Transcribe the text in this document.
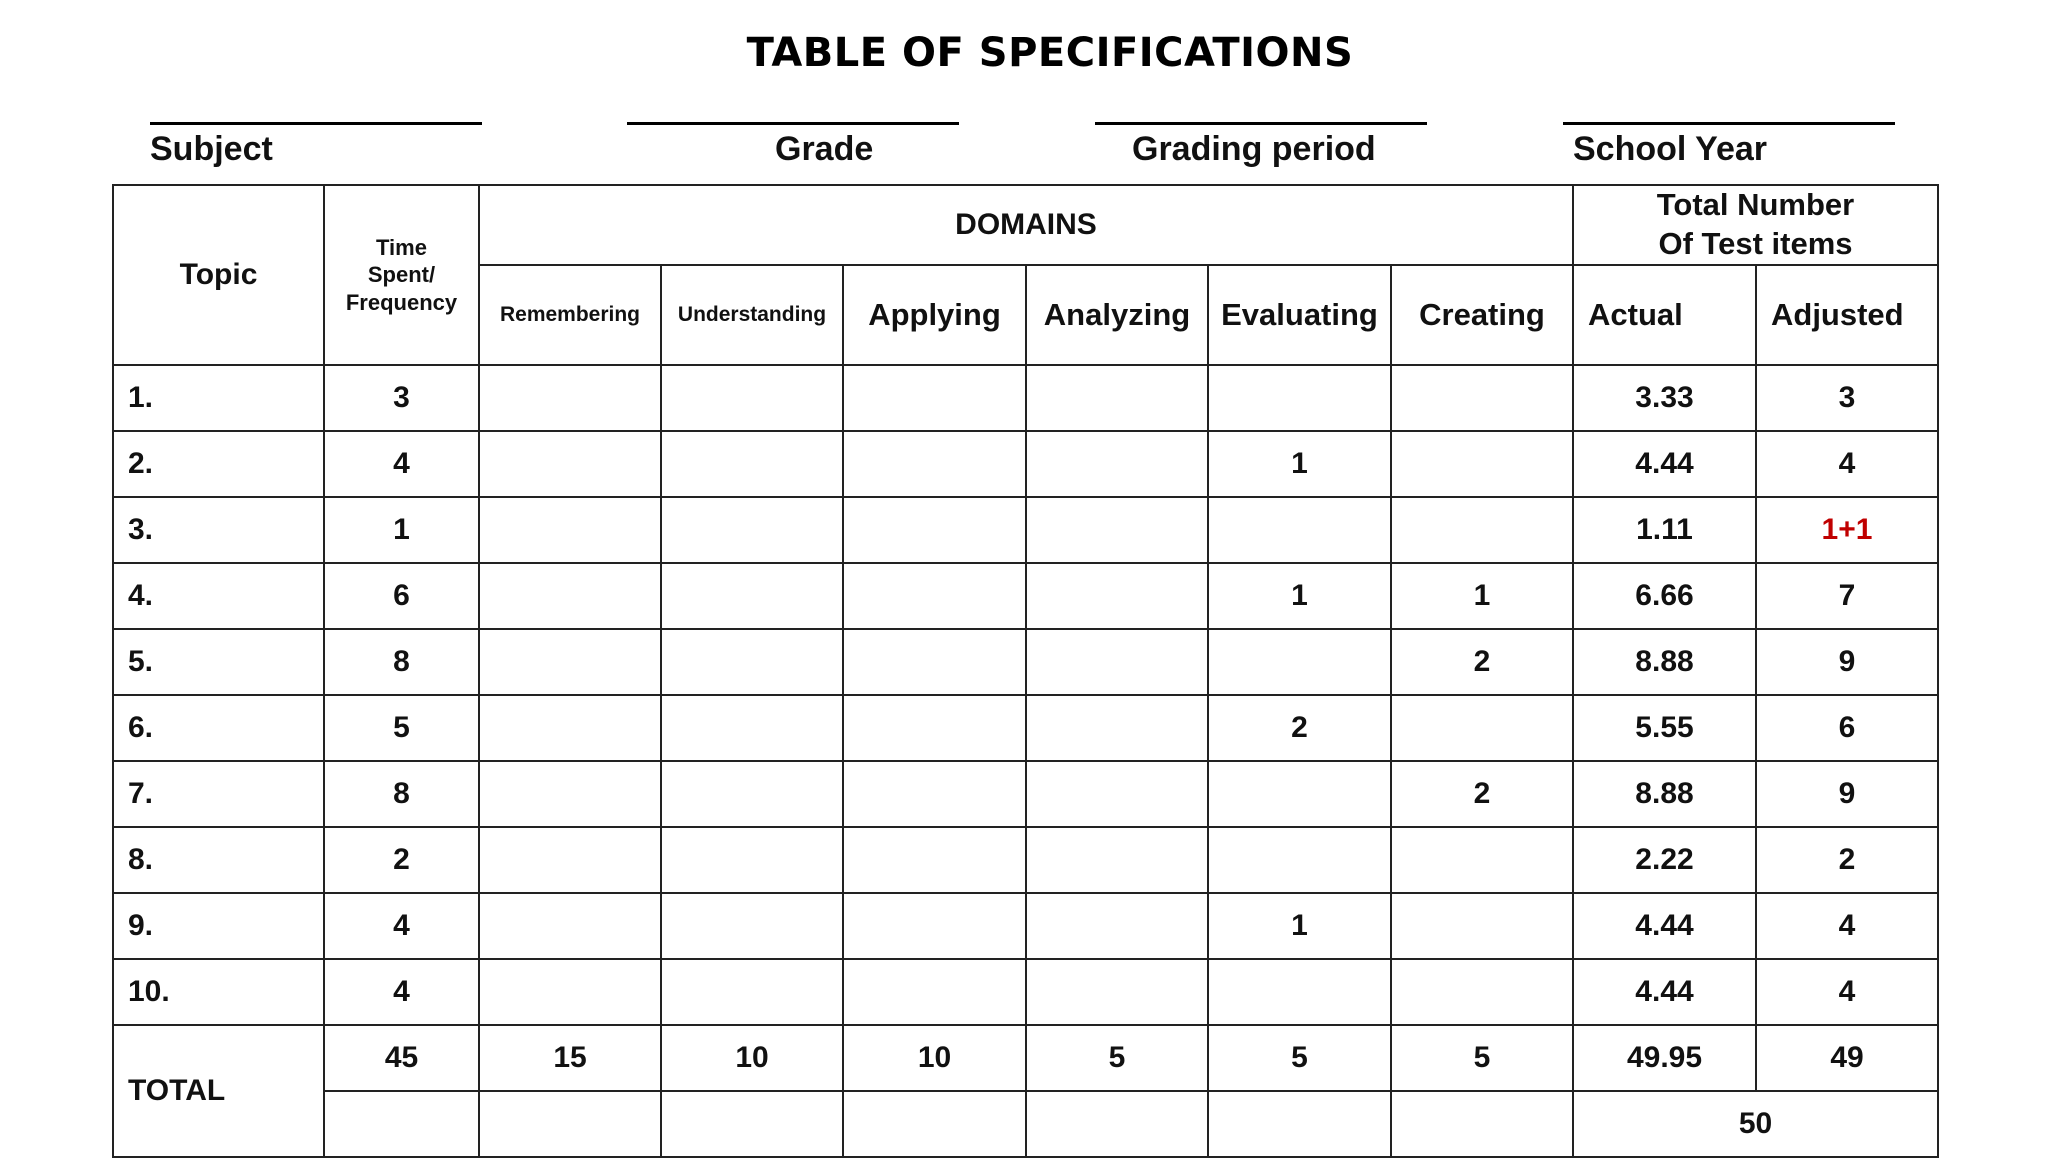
TABLE OF SPECIFICATIONS
Subject	Grade	Grading period	School Year
Topic	Time
Spent/
Frequency	DOMAINS						Total Number
Of Test items	

		Remembering	Understanding	Applying	Analyzing	Evaluating	Creating	Actual	Adjusted
1.	3							3.33	3
2.	4					1		4.44	4
3.	1							1.11	1+1
4.	6					1	1	6.66	7
5.	8						2	8.88	9
6.	5					2		5.55	6
7.	8						2	8.88	9
8.	2							2.22	2
9.	4					1		4.44	4
10.	4							4.44	4
TOTAL	45	15	10	10	5	5	5	49.95	49
								50	
